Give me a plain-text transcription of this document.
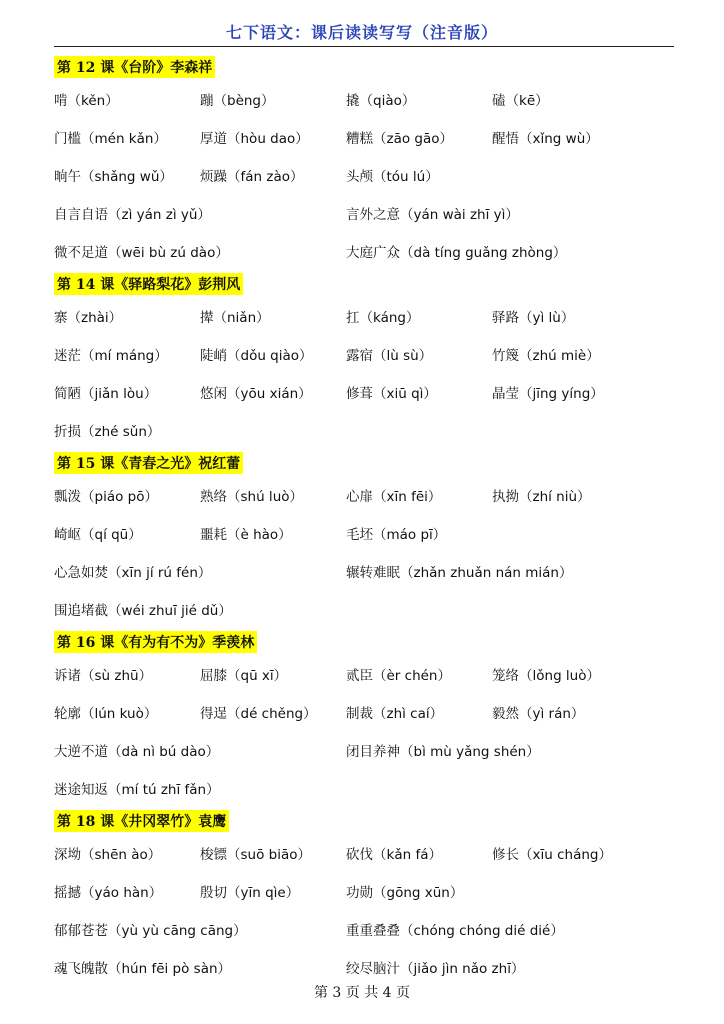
七下语文：课后读读写写（注音版）
第 12 课《台阶》李森祥
啃（kěn）	蹦（bèng）	撬（qiào）	磕（kē）
门槛（mén kǎn） 厚道（hòu dao）	糟糕（zāo gāo）	醒悟（xǐng wù）
晌午（shǎng wǔ） 烦躁（fán zào）	头颅（tóu lú）
自言自语（zì yán zì yǔ）	言外之意（yán wài zhī yì）
微不足道（wēi bù zú dào）	大庭广众（dà tíng guǎng zhòng）
第 14 课《驿路梨花》彭荆风
寨（zhài）	撵（niǎn）	扛（káng）	驿路（yì lù）
迷茫（mí máng） 陡峭（dǒu qiào） 露宿（lù sù）	竹篾（zhú miè）
简陋（jiǎn lòu）	悠闲（yōu xián）	修葺（xiū qì）	晶莹（jīng yíng）
折损（zhé sǔn）
第 15 课《青春之光》祝红蕾
瓢泼（piáo pō）	熟络（shú luò）	心扉（xīn fēi）	执拗（zhí niù）
崎岖（qí qū）	噩耗（è hào）	毛坯（máo pī）
心急如焚（xīn jí rú fén）	辗转难眠（zhǎn zhuǎn nán mián）
围追堵截（wéi zhuī jié dǔ）
第 16 课《有为有不为》季羡林
诉诸（sù zhū）	屈膝（qū xī）	贰臣（èr chén）	笼络（lǒng luò）
轮廓（lún kuò）	得逞（dé chěng） 制裁（zhì caí）	毅然（yì rán）
大逆不道（dà nì bú dào）	闭目养神（bì mù yǎng shén）
迷途知返（mí tú zhī fǎn）
第 18 课《井冈翠竹》袁鹰
深坳（shēn ào）	梭镖（suō biāo）	砍伐（kǎn fá）	修长（xīu cháng）
摇撼（yáo hàn）	殷切（yīn qìe）	功勋（gōng xūn）
郁郁苍苍（yù yù cāng cāng）	重重叠叠（chóng chóng dié dié）
魂飞魄散（hún fēi pò sàn）	绞尽脑汁（jiǎo jìn nǎo zhī）
第 3 页 共 4 页
